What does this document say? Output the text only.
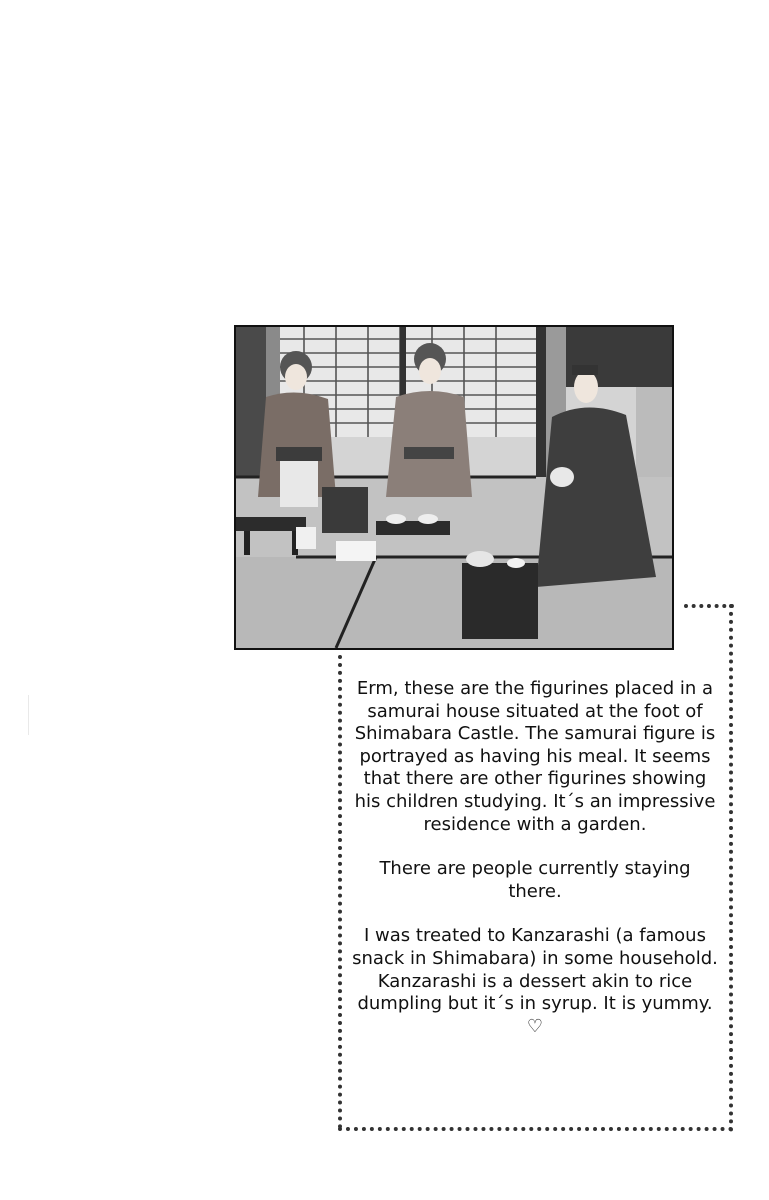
Erm, these are the figurines placed in a samurai house situated at the foot of Shimabara Castle. The samurai figure is portrayed as having his meal. It seems that there are other figurines showing his children studying. It´s an impressive residence with a garden.

There are people currently staying there.

I was treated to Kanzarashi (a famous snack in Shimabara) in some household. Kanzarashi is a dessert akin to rice dumpling but it´s in syrup. It is yummy. ♡
